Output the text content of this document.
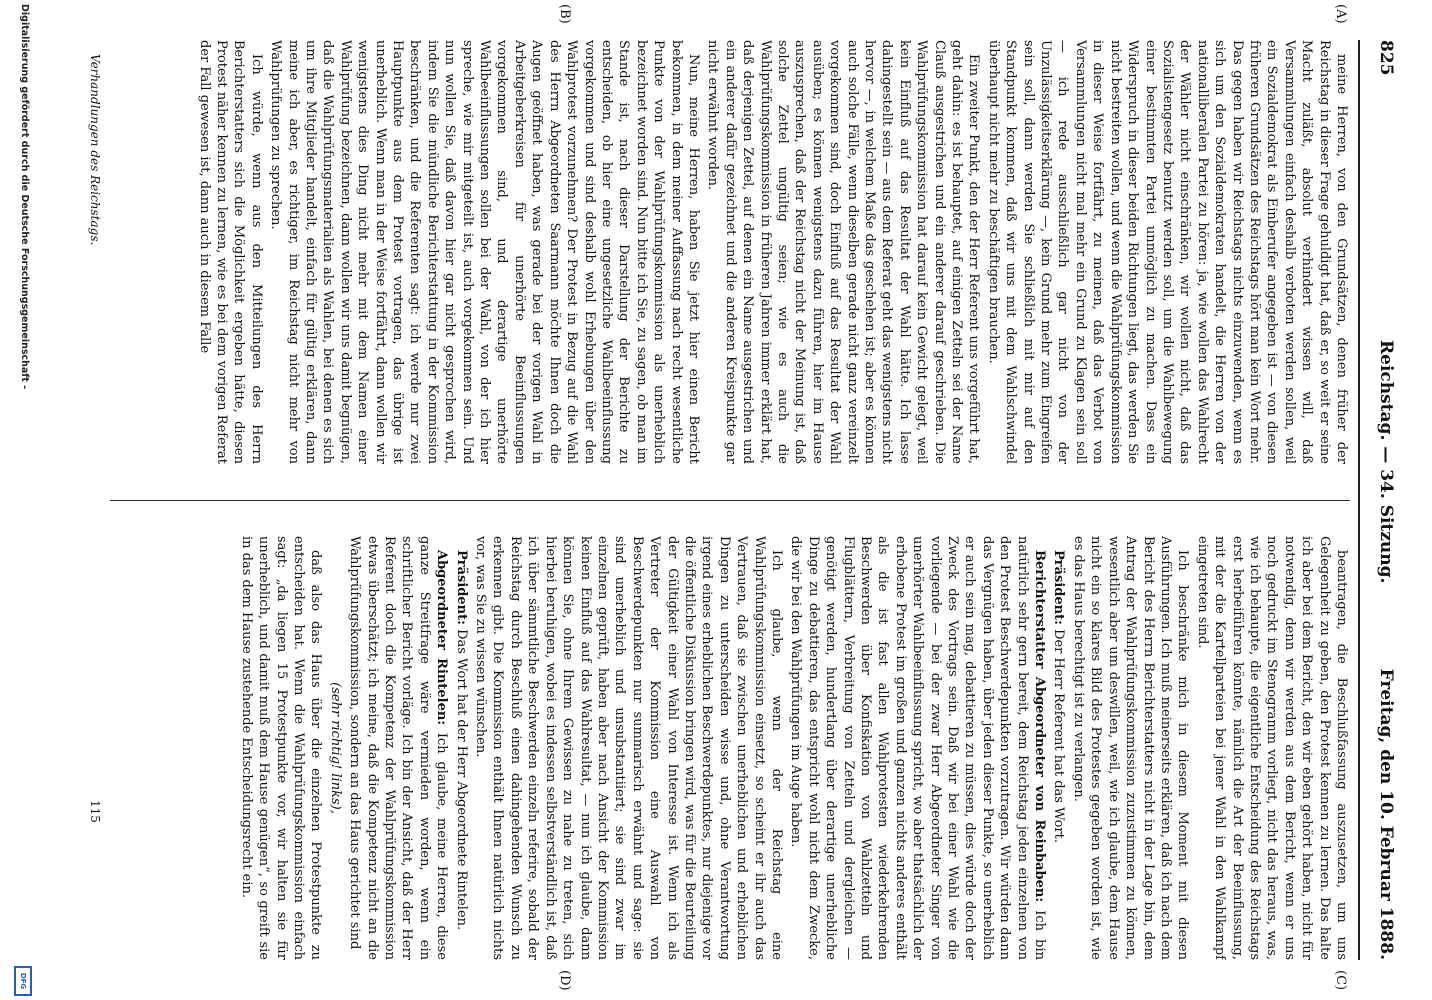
825
Reichstag. — 34. Sitzung.
Freitag, den 10. Februar 1888.
(A)
(B)
(C)
(D)

meine Herren, von den Grundsätzen, denen früher der Reichstag in dieser Frage gehuldigt hat, daß er, so weit er seine Macht zuläßt, absolut verhindert wissen will, daß Versammlungen einfach deshalb verboten werden sollen, weil ein Sozialdemokrat als Einberufer angegeben ist — von diesen früheren Grundsätzen des Reichstags hört man kein Wort mehr. Das gegen haben wir Reichstags nichts einzuwenden, wenn es sich um den Sozialdemokraten handelt, die Herren von der nationalliberalen Partei zu hören: ja, wie wollen das Wahlrecht der Wähler nicht einschränken, wir wollen nicht, daß das Sozialistengesetz benutzt werden soll, um die Wahlbewegung einer bestimmten Partei unmöglich zu machen. Dass ein Widerspruch in dieser beiden Richtungen liegt, das werden Sie nicht bestreiten wollen, und wenn die Wahlprüfungskommission in dieser Weise fortfährt, zu meinen, daß das Verbot von Versammlungen nicht mal mehr ein Grund zu Klagen sein soll — ich rede ausschließlich gar nicht von der Unzulässigkeitserklärung —, kein Grund mehr zum Eingreifen sein soll, dann werden Sie schließlich mit mir auf den Standpunkt kommen, daß wir uns mit dem Wahlschwindel überhaupt nicht mehr zu beschäftigen brauchen.

Ein zweiter Punkt, den der Herr Referent uns vorgeführt hat, geht dahin: es ist behauptet, auf einigen Zetteln sei der Name Clauß ausgestrichen und ein anderer darauf geschrieben. Die Wahlprüfungskommission hat darauf kein Gewicht gelegt, weil kein Einfluß auf das Resultat der Wahl hätte. Ich lasse dahingestellt sein — aus dem Referat geht das wenigstens nicht hervor —, in welchem Maße das geschehen ist; aber es können auch solche Fälle, wenn dieselben gerade nicht ganz vereinzelt vorgekommen sind, doch Einfluß auf das Resultat der Wahl ausüben; es können wenigstens dazu führen, hier im Hause auszusprechen, daß der Reichstag nicht der Meinung ist, daß solche Zettel ungültig seien; wie es auch die Wahlprüfungskommission in früheren Jahren immer erklärt hat, daß derjenigen Zettel, auf denen ein Name ausgestrichen und ein anderer dafür gezeichnet und die anderen Kreispunkte gar nicht erwähnt worden.

Nun, meine Herren, haben Sie jetzt hier einen Bericht bekommen, in dem meiner Auffassung nach recht wesentliche Punkte von der Wahlprüfungskommission als unerheblich bezeichnet worden sind. Nun bitte ich Sie, zu sagen, ob man im Stande ist, nach dieser Darstellung der Berichte zu entscheiden, ob hier eine ungesetzliche Wahlbeeinflussung vorgekommen und sind deshalb wohl Erhebungen über den Wahlprotest vorzunehmen? Der Protest in Bezug auf die Wahl des Herrn Abgeordneten Saarmann möchte Ihnen doch die Augen geöffnet haben, was gerade bei der vorigen Wahl in Arbeitgeberkreisen für unerhörte Beeinflussungen vorgekommen sind, und derartige unerhörte Wahlbeeinflussungen sollen bei der Wahl, von der ich hier spreche, wie mir mitgeteilt ist, auch vorgekommen sein. Und nun wollen Sie, daß davon hier gar nicht gesprochen wird, indem Sie die mündliche Berichterstattung in der Kommission beschränken, und die Referenten sagt: ich werde nur zwei Hauptpunkte aus dem Protest vortragen, das übrige ist unerheblich. Wenn man in der Weise fortfährt, dann wollen wir wenigstens dies Ding nicht mehr mit dem Namen einer Wahlprüfung bezeichnen, dann wollen wir uns damit begnügen, daß die Wahlprüfungsmaterialien als Wahlen, bei denen es sich um ihre Mitglieder handelt, einfach für gültig erklären, dann meine ich aber, es richtiger, im Reichstag nicht mehr von Wahlprüfungen zu sprechen.

Ich würde, wenn aus den Mitteilungen des Herrn Berichterstatters sich die Möglichkeit ergeben hätte, diesen Protest näher kennen zu lernen, wie es bei dem vorigen Referat der Fall gewesen ist, dann auch in diesem Falle

beantragen, die Beschlußfassung auszusetzen, um uns Gelegenheit zu geben, den Protest kennen zu lernen. Das halte ich aber bei dem Bericht, den wir eben gehört haben, nicht für notwendig, denn wir werden aus dem Bericht, wenn er uns noch gedruckt im Stenogramm vorliegt, nicht das heraus, was, wie ich behaupte, die eigentliche Entscheidung des Reichstags erst herbeiführen könnte, nämlich die Art der Beeinflussung, mit der die Kartellparteien bei jener Wahl in den Wahlkampf eingetreten sind.

Ich beschränke mich in diesem Moment mit diesen Ausführungen. Ich muß meinerseits erklären, daß ich nach dem Bericht des Herrn Berichterstatters nicht in der Lage bin, dem Antrag der Wahlprüfungskommission zuzustimmen zu können, wesentlich aber um deswillen, weil, wie ich glaube, dem Hause nicht ein so klares Bild des Protestes gegeben worden ist, wie es das Haus berechtigt ist zu verlangen.

Präsident: Der Herr Referent hat das Wort.

Berichterstatter Abgeordneter von Reinbaben: Ich bin natürlich sehr gern bereit, dem Reichstag jeden einzelnen von den Protest Beschwerdepunkten vorzutragen. Wir würden dann das Vergnügen haben, über jeden dieser Punkte, so unerheblich er auch sein mag, debattieren zu müssen, dies würde doch der Zweck des Vortrags sein. Daß wir bei einer Wahl wie die vorliegende — bei der zwar Herr Abgeordneter Singer von unerhörter Wahlbeeinflussung spricht, wo aber thatsächlich der erhobene Protest im großen und ganzen nichts anderes enthält als die ist fast allen Wahlprotesten wiederkehrenden Beschwerden über Konfiskation von Wahlzetteln und Flugblättern, Verbreitung von Zetteln und dergleichen — genötigt werden, hundertlang über derartige unerhebliche Dinge zu debattieren, das entspricht wohl nicht dem Zwecke, die wir bei den Wahlprüfungen im Auge haben.

Ich glaube, wenn der Reichstag eine Wahlprüfungskommission einsetzt, so scheint er ihr auch das Vertrauen, daß sie zwischen unerheblichen und erheblichen Dingen zu unterscheiden wisse und, ohne Verantwortung irgend eines erheblichen Beschwerdepunktes, nur diejenige vor die öffentliche Diskussion bringen wird, was für die Beurteilung der Gültigkeit einer Wahl von Interesse ist. Wenn ich als Vertreter der Kommission eine Auswahl von Beschwerdepunkten nur summarisch erwähnt und sage: sie sind unerheblich und unsubstantiiert; sie sind zwar im einzelnen geprüft, haben aber nach Ansicht der Kommission keinen Einfluß auf das Wahlresultat, — nun ich glaube, dann können Sie, ohne Ihrem Gewissen zu nahe zu treten, sich hierbei beruhigen, wobei es indessen selbstverständlich ist, daß ich über sämmtliche Beschwerden einzeln referire, sobald der Reichstag durch Beschluß einen dahingehenden Wunsch zu erkennen gibt. Die Kommission enthält Ihnen natürlich nichts vor, was Sie zu wissen wünschen.

Präsident: Das Wort hat der Herr Abgeordnete Rintelen.

Abgeordneter Rintelen: Ich glaube, meine Herren, diese ganze Streitfrage wäre vermieden worden, wenn ein schriftlicher Bericht vorläge. Ich bin der Ansicht, daß der Herr Referent doch die Kompetenz der Wahlprüfungskommission etwas überschätzt; ich meine, daß die Kompetenz nicht an die Wahlprüfungskommission, sondern an das Haus gerichtet sind

(sehr richtig! links),

daß also das Haus über die einzelnen Protestpunkte zu entscheiden hat. Wenn die Wahlprüfungskommission einfach sagt: „da liegen 15 Protestpunkte vor, wir halten sie für unerheblich, und damit muß dem Hause genügen“, so greift sie in das dem Hause zustehende Entscheidungsrecht ein.

Verhandlungen des Reichstags.
115
Digitalisierung gefördert durch die Deutsche Forschungsgemeinschaft -
DFG
